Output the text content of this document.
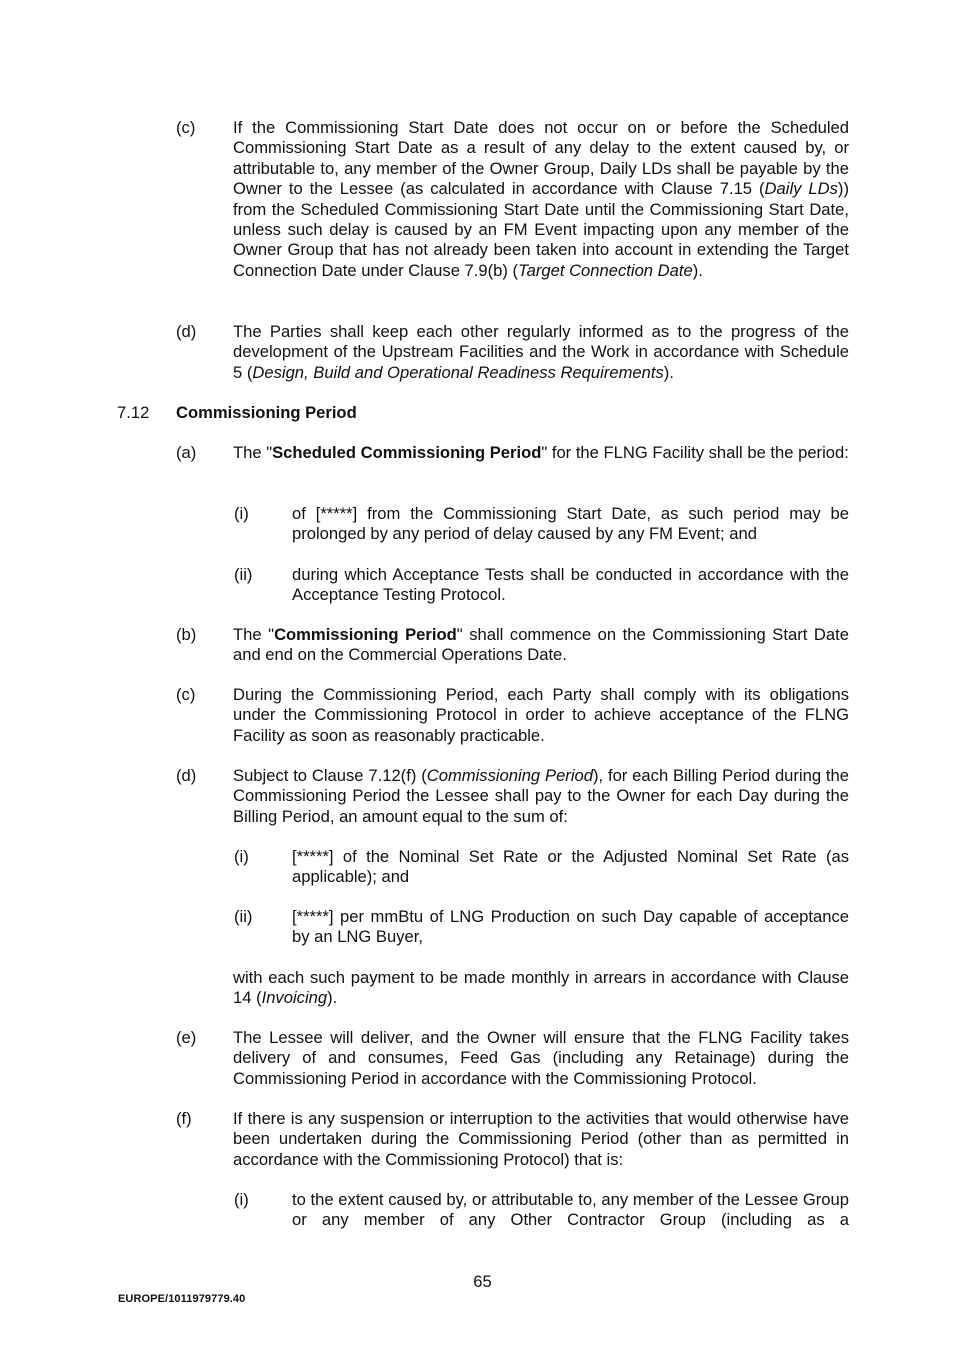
(c) If the Commissioning Start Date does not occur on or before the Scheduled Commissioning Start Date as a result of any delay to the extent caused by, or attributable to, any member of the Owner Group, Daily LDs shall be payable by the Owner to the Lessee (as calculated in accordance with Clause 7.15 (Daily LDs)) from the Scheduled Commissioning Start Date until the Commissioning Start Date, unless such delay is caused by an FM Event impacting upon any member of the Owner Group that has not already been taken into account in extending the Target Connection Date under Clause 7.9(b) (Target Connection Date).
(d) The Parties shall keep each other regularly informed as to the progress of the development of the Upstream Facilities and the Work in accordance with Schedule 5 (Design, Build and Operational Readiness Requirements).
7.12 Commissioning Period
(a) The "Scheduled Commissioning Period" for the FLNG Facility shall be the period:
(i)	of [*****] from the Commissioning Start Date, as such period may be prolonged by any period of delay caused by any FM Event; and
(ii) during which Acceptance Tests shall be conducted in accordance with the Acceptance Testing Protocol.
(b) The "Commissioning Period" shall commence on the Commissioning Start Date and end on the Commercial Operations Date.
(c) During the Commissioning Period, each Party shall comply with its obligations under the Commissioning Protocol in order to achieve acceptance of the FLNG Facility as soon as reasonably practicable.
(d) Subject to Clause 7.12(f) (Commissioning Period), for each Billing Period during the Commissioning Period the Lessee shall pay to the Owner for each Day during the Billing Period, an amount equal to the sum of:
(i)	[*****] of the Nominal Set Rate or the Adjusted Nominal Set Rate (as applicable); and
(ii) [*****] per mmBtu of LNG Production on such Day capable of acceptance by an LNG Buyer,
with each such payment to be made monthly in arrears in accordance with Clause 14 (Invoicing).
(e) The Lessee will deliver, and the Owner will ensure that the FLNG Facility takes delivery of and consumes, Feed Gas (including any Retainage) during the Commissioning Period in accordance with the Commissioning Protocol.
(f) If there is any suspension or interruption to the activities that would otherwise have been undertaken during the Commissioning Period (other than as permitted in accordance with the Commissioning Protocol) that is:
(i)	to the extent caused by, or attributable to, any member of the Lessee Group or any member of any Other Contractor Group (including as a
65
EUROPE/1011979779.40
